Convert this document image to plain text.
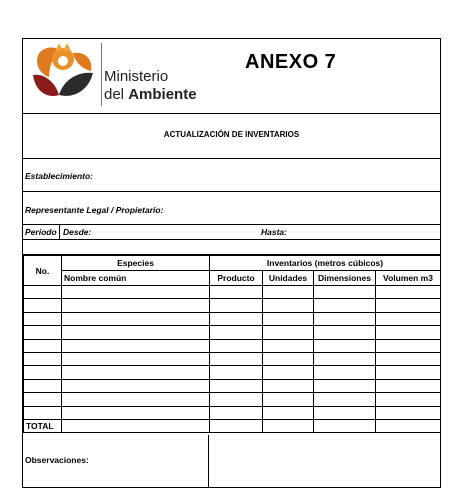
Ministerio
del Ambiente
ANEXO 7
ACTUALIZACIÓN DE INVENTARIOS
Establecimiento:
Representante Legal / Propietario:
Periodo Desde:	Hasta:
No.	Especies	Inventarios (metros cúbicos)			
	Nombre común	Producto	Unidades	Dimensiones	Volumen m3

TOTAL					
Observaciones:
